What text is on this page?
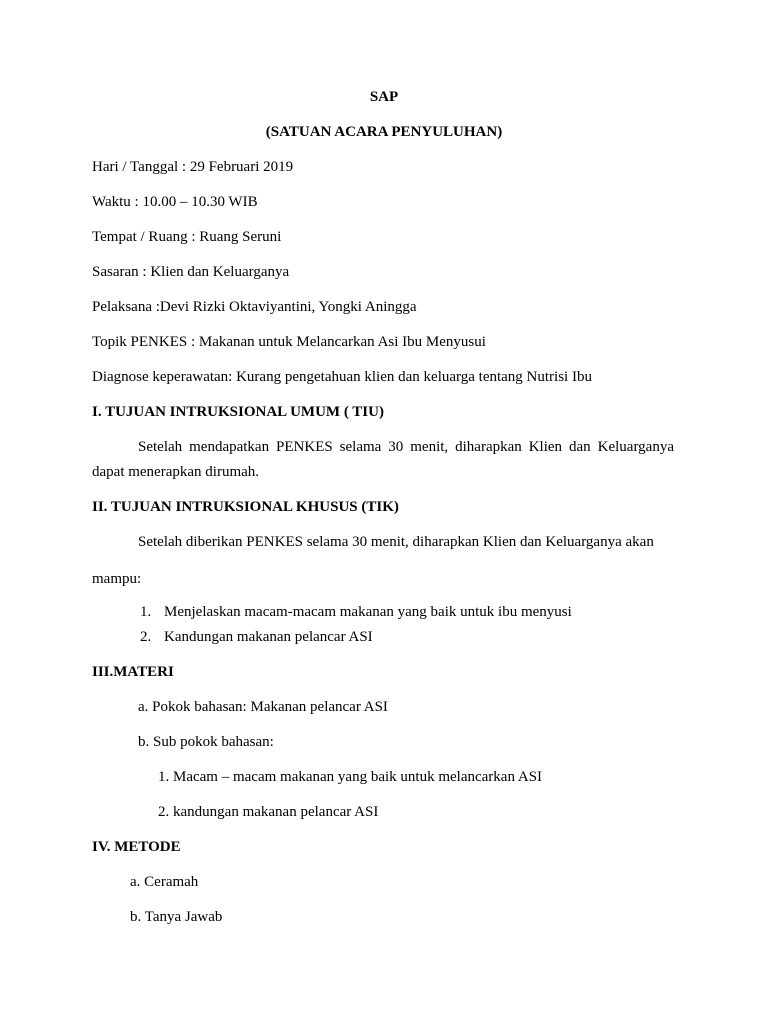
SAP
(SATUAN ACARA PENYULUHAN)
Hari / Tanggal : 29 Februari 2019
Waktu : 10.00 – 10.30 WIB
Tempat / Ruang : Ruang Seruni
Sasaran : Klien dan Keluarganya
Pelaksana :Devi Rizki Oktaviyantini, Yongki Aningga
Topik PENKES : Makanan untuk Melancarkan Asi Ibu Menyusui
Diagnose keperawatan: Kurang pengetahuan klien dan keluarga tentang Nutrisi Ibu
I. TUJUAN INTRUKSIONAL UMUM ( TIU)
Setelah mendapatkan PENKES selama 30 menit, diharapkan Klien dan Keluarganya
dapat menerapkan dirumah.
II. TUJUAN INTRUKSIONAL KHUSUS (TIK)
Setelah diberikan PENKES selama 30 menit, diharapkan Klien dan Keluarganya akan
mampu:
1. Menjelaskan macam-macam makanan yang baik untuk ibu menyusi
2. Kandungan makanan pelancar ASI
III.MATERI
a. Pokok bahasan: Makanan pelancar ASI
b. Sub pokok bahasan:
1. Macam – macam makanan yang baik untuk melancarkan ASI
2. kandungan makanan pelancar ASI
IV. METODE
a. Ceramah
b. Tanya Jawab
